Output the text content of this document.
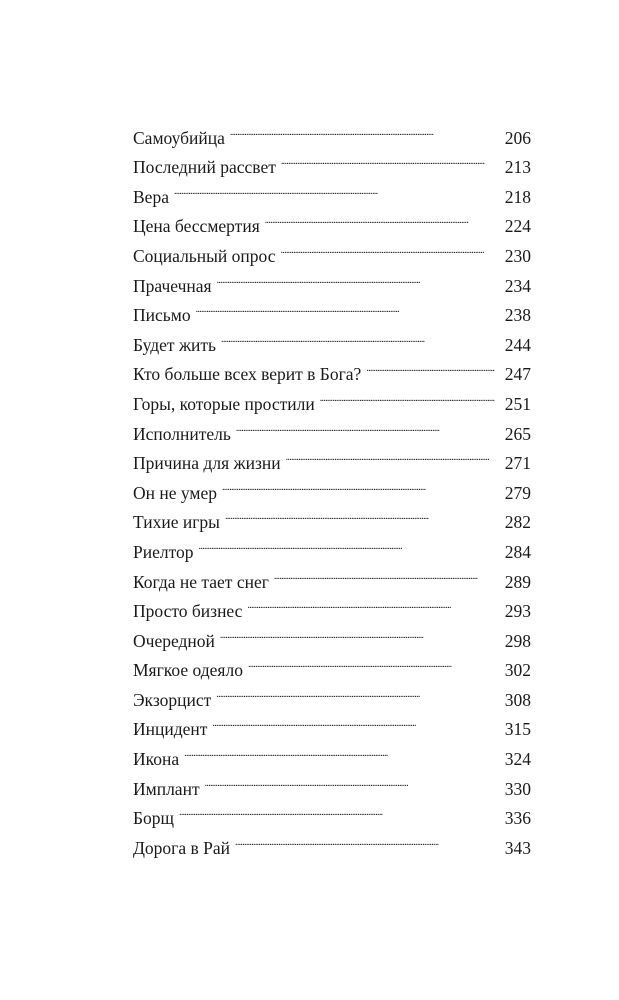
Самоубийца . . .	206
Последний рассвет . . .	213
Вера . . .	218
Цена бессмертия . . .	224
Социальный опрос . . .	230
Прачечная . . .	234
Письмо . . .	238
Будет жить . . .	244
Кто больше всех верит в Бога? . . .	247
Горы, которые простили . . .	251
Исполнитель . . .	265
Причина для жизни . . .	271
Он не умер . . .	279
Тихие игры . . .	282
Риелтор . . .	284
Когда не тает снег . . .	289
Просто бизнес . . .	293
Очередной . . .	298
Мягкое одеяло . . .	302
Экзорцист . . .	308
Инцидент . . .	315
Икона . . .	324
Имплант . . .	330
Борщ . . .	336
Дорога в Рай . . .	343
